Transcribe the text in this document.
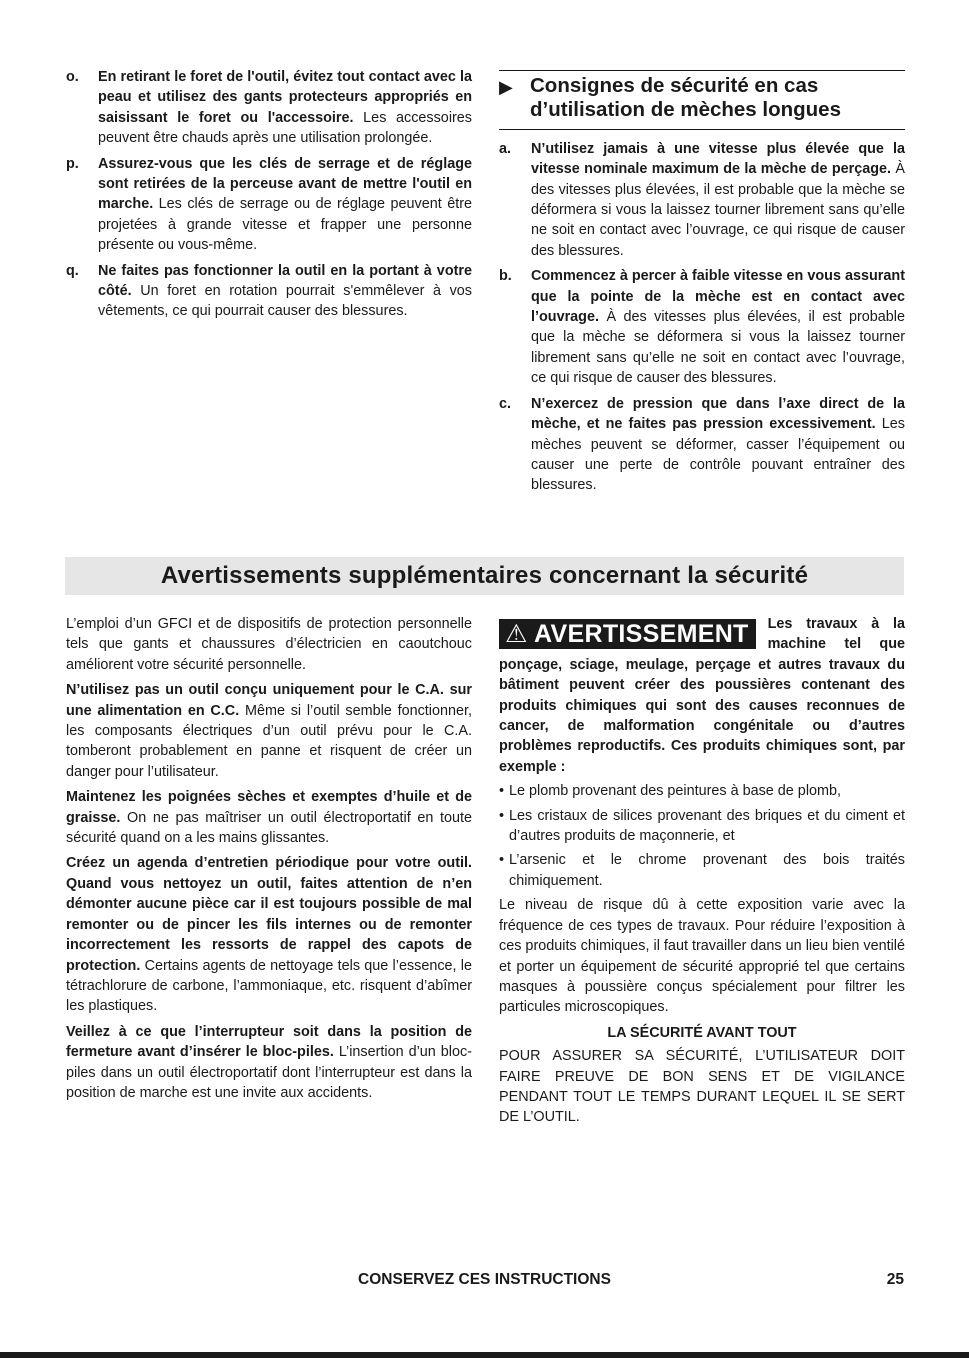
o. En retirant le foret de l'outil, évitez tout contact avec la peau et utilisez des gants protecteurs appropriés en saisissant le foret ou l'accessoire. Les accessoires peuvent être chauds après une utilisation prolongée.
p. Assurez-vous que les clés de serrage et de réglage sont retirées de la perceuse avant de mettre l'outil en marche. Les clés de serrage ou de réglage peuvent être projetées à grande vitesse et frapper une personne présente ou vous-même.
q. Ne faites pas fonctionner la outil en la portant à votre côté. Un foret en rotation pourrait s'emmêlever à vos vêtements, ce qui pourrait causer des blessures.
▶ Consignes de sécurité en cas d’utilisation de mèches longues
a. N’utilisez jamais à une vitesse plus élevée que la vitesse nominale maximum de la mèche de perçage. À des vitesses plus élevées, il est probable que la mèche se déformera si vous la laissez tourner librement sans qu’elle ne soit en contact avec l’ouvrage, ce qui risque de causer des blessures.
b. Commencez à percer à faible vitesse en vous assurant que la pointe de la mèche est en contact avec l’ouvrage. À des vitesses plus élevées, il est probable que la mèche se déformera si vous la laissez tourner librement sans qu’elle ne soit en contact avec l’ouvrage, ce qui risque de causer des blessures.
c. N’exercez de pression que dans l’axe direct de la mèche, et ne faites pas pression excessivement. Les mèches peuvent se déformer, casser l’équipement ou causer une perte de contrôle pouvant entraîner des blessures.
Avertissements supplémentaires concernant la sécurité

L’emploi d’un GFCI et de dispositifs de protection personnelle tels que gants et chaussures d’électricien en caoutchouc améliorent votre sécurité personnelle.

N’utilisez pas un outil conçu uniquement pour le C.A. sur une alimentation en C.C. Même si l’outil semble fonctionner, les composants électriques d’un outil prévu pour le C.A. tomberont probablement en panne et risquent de créer un danger pour l’utilisateur.

Maintenez les poignées sèches et exemptes d’huile et de graisse. On ne pas maîtriser un outil électroportatif en toute sécurité quand on a les mains glissantes.

Créez un agenda d’entretien périodique pour votre outil. Quand vous nettoyez un outil, faites attention de n’en démonter aucune pièce car il est toujours possible de mal remonter ou de pincer les fils internes ou de remonter incorrectement les ressorts de rappel des capots de protection. Certains agents de nettoyage tels que l’essence, le tétrachlorure de carbone, l’ammoniaque, etc. risquent d’abîmer les plastiques.

Veillez à ce que l’interrupteur soit dans la position de fermeture avant d’insérer le bloc-piles. L’insertion d’un bloc-piles dans un outil électroportatif dont l’interrupteur est dans la position de marche est une invite aux accidents.

⚠ AVERTISSEMENT	Les travaux à la machine tel que ponçage, sciage, meulage, perçage et autres travaux du bâtiment peuvent créer des poussières contenant des produits chimiques qui sont des causes reconnues de cancer, de malformation congénitale ou d’autres problèmes reproductifs. Ces produits chimiques sont, par exemple :

• Le plomb provenant des peintures à base de plomb,
• Les cristaux de silices provenant des briques et du ciment et d’autres produits de maçonnerie, et
• L’arsenic et le chrome provenant des bois traités chimiquement.

Le niveau de risque dû à cette exposition varie avec la fréquence de ces types de travaux. Pour réduire l’exposition à ces produits chimiques, il faut travailler dans un lieu bien ventilé et porter un équipement de sécurité approprié tel que certains masques à poussière conçus spécialement pour filtrer les particules microscopiques.

LA SÉCURITÉ AVANT TOUT
POUR ASSURER SA SÉCURITÉ, L’UTILISATEUR DOIT FAIRE PREUVE DE BON SENS ET DE VIGILANCE PENDANT TOUT LE TEMPS DURANT LEQUEL IL SE SERT DE L’OUTIL.
CONSERVEZ CES INSTRUCTIONS	25
